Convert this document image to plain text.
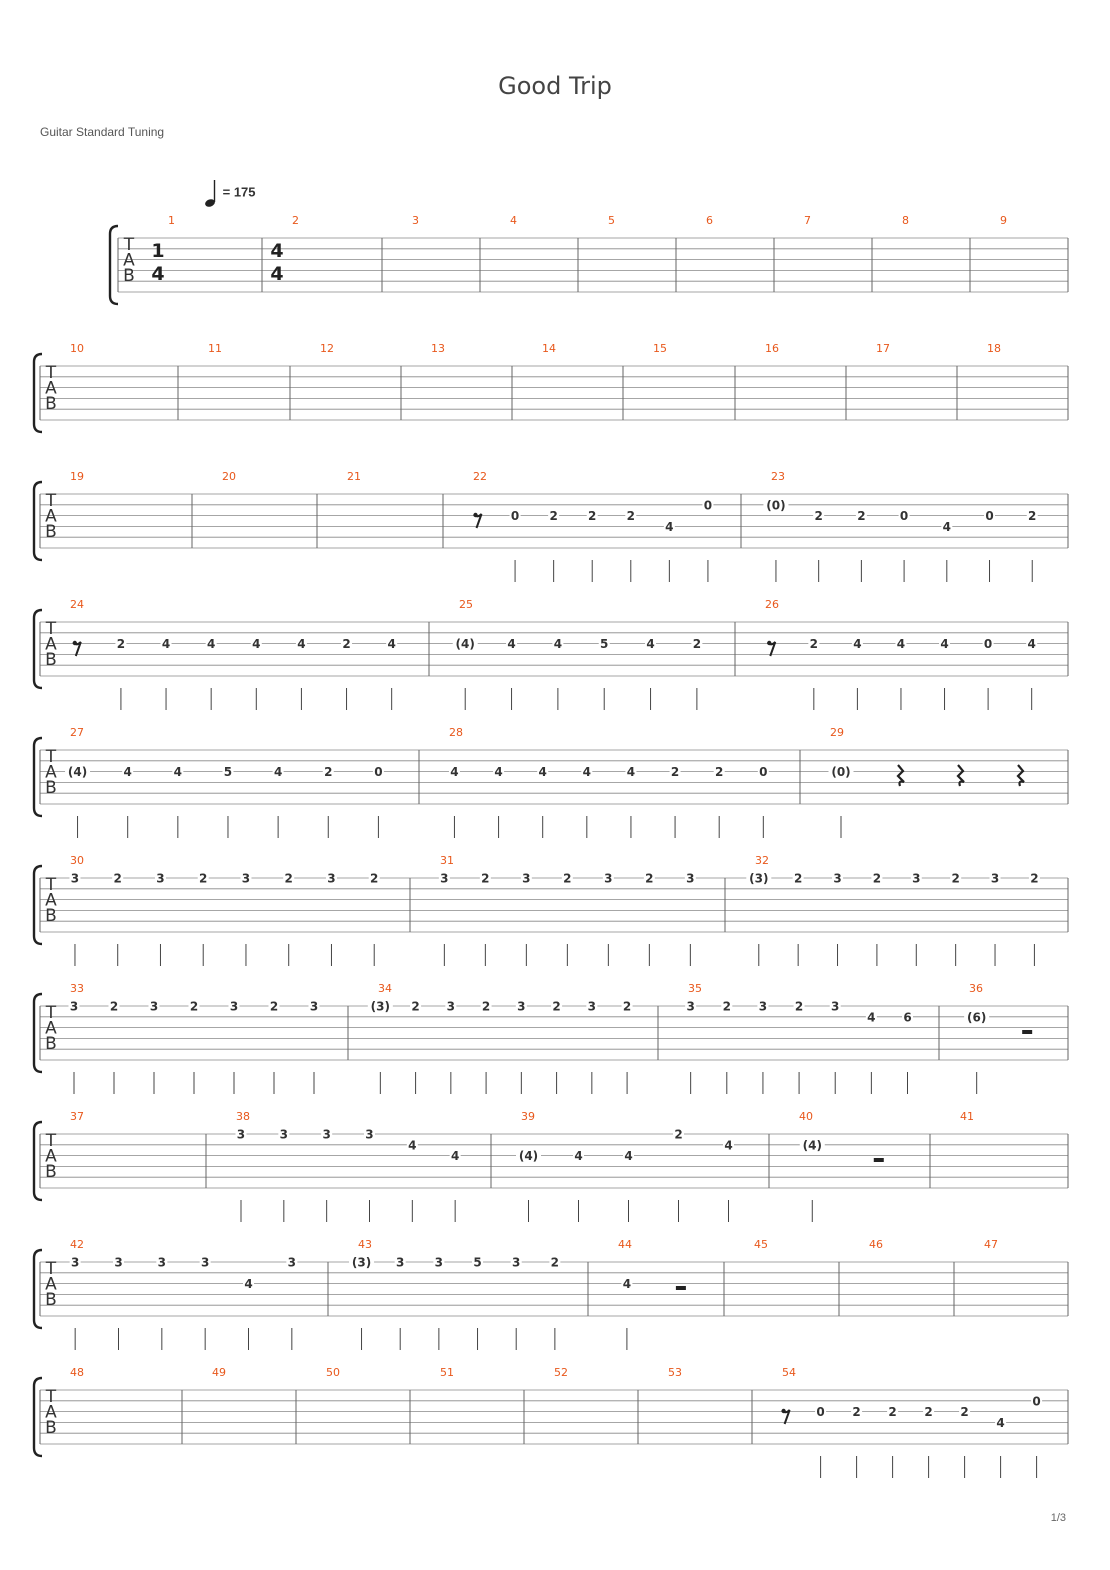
Good Trip
Guitar Standard Tuning
= 175
1/3
T
A
B
1
4
4
4
1	2	3	4	5	6	7	8	9
T
A
B
10	11	12	13	14	15	16	17	18
T
A
B
19	20	21	22
0	2	2	2
4
0
23
(0)
2	2	0
4
0	2
T
A
B
24
2	4	4	4	4	2	4
25
(4)	4	4	5	4	2
26
2	4	4	4	0	4
T
A
B
27
(4)	4	4	5	4	2	0
28
4	4	4	4	4	2	2	0
29
(0)
T
A
B
30
3	2	3	2	3	2	3	2
31
3	2	3	2	3	2	3
32
(3) 2	3	2	3	2	3	2
T
A
B
33
3	2	3	2	3	2	3
34
(3) 2 3 2 3 2 3 2
35
3 2 3 2 3
4 6
36
(6)
T
A
B
37	38
3	3	3	3
4
4
39
(4)	4	4
2
4
40
(4)
41
T
A
B
42
3	3	3	3
4
3
43
(3) 3	3	5	3	2
44
4
45	46	47
T
A
B
48	49	50	51	52	53	54
0 2 2 2 2
4
0
